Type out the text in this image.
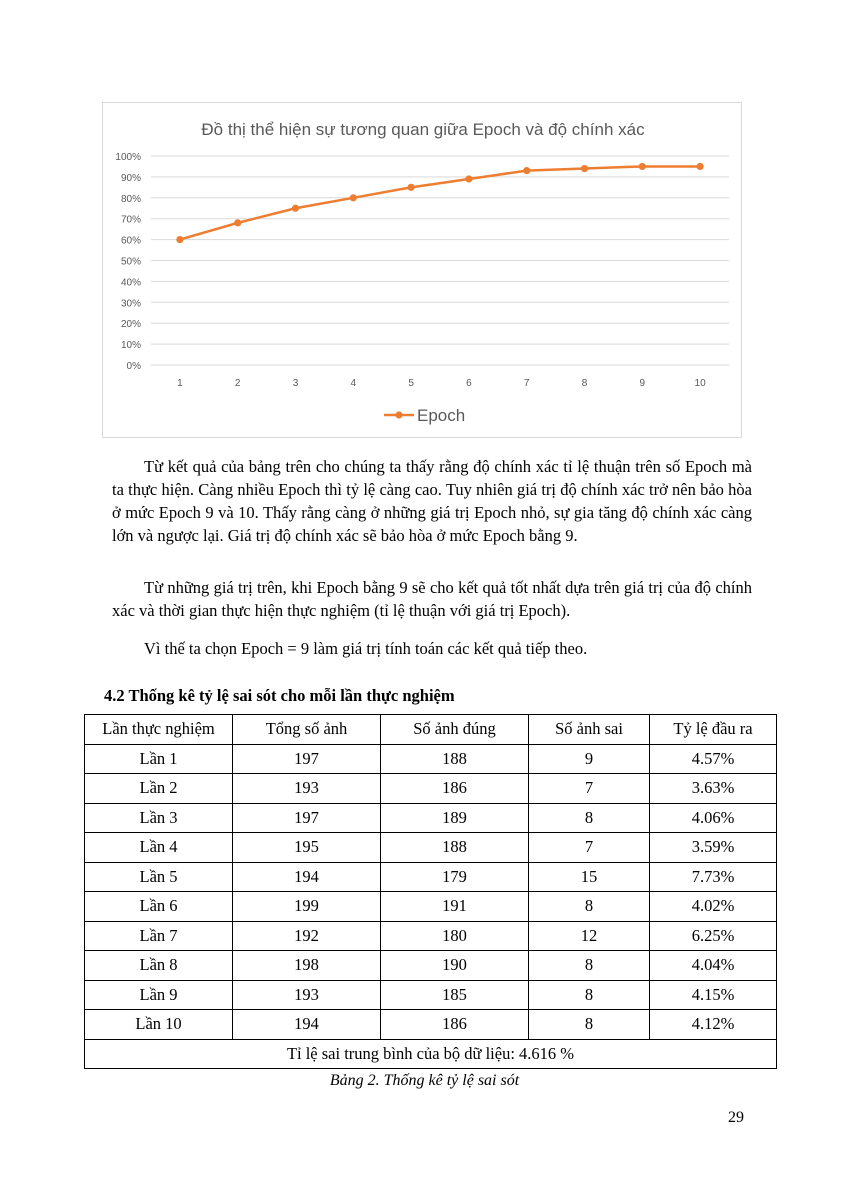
Đồ thị thể hiện sự tương quan giữa Epoch và độ chính xác
0%
10%
20%
30%
40%
50%
60%
70%
80%
90%
100%
1	2	3	4	5	6	7	8	9	10
Epoch

Từ kết quả của bảng trên cho chúng ta thấy rằng độ chính xác tỉ lệ thuận trên số Epoch mà ta thực hiện. Càng nhiều Epoch thì tỷ lệ càng cao. Tuy nhiên giá trị độ chính xác trở nên bảo hòa ở mức Epoch 9 và 10. Thấy rằng càng ở những giá trị Epoch nhỏ, sự gia tăng độ chính xác càng lớn và ngược lại. Giá trị độ chính xác sẽ bảo hòa ở mức Epoch bằng 9.

Từ những giá trị trên, khi Epoch bằng 9 sẽ cho kết quả tốt nhất dựa trên giá trị của độ chính xác và thời gian thực hiện thực nghiệm (tỉ lệ thuận với giá trị Epoch).

Vì thế ta chọn Epoch = 9 làm giá trị tính toán các kết quả tiếp theo.

4.2 Thống kê tỷ lệ sai sót cho mỗi lần thực nghiệm
Lần thực nghiệm	Tổng số ảnh	Số ảnh đúng	Số ảnh sai	Tỷ lệ đầu ra
Lần 1	197	188	9	4.57%
Lần 2	193	186	7	3.63%
Lần 3	197	189	8	4.06%
Lần 4	195	188	7	3.59%
Lần 5	194	179	15	7.73%
Lần 6	199	191	8	4.02%
Lần 7	192	180	12	6.25%
Lần 8	198	190	8	4.04%
Lần 9	193	185	8	4.15%
Lần 10	194	186	8	4.12%
Tỉ lệ sai trung bình của bộ dữ liệu: 4.616 %				
Bảng 2. Thống kê tỷ lệ sai sót
29
